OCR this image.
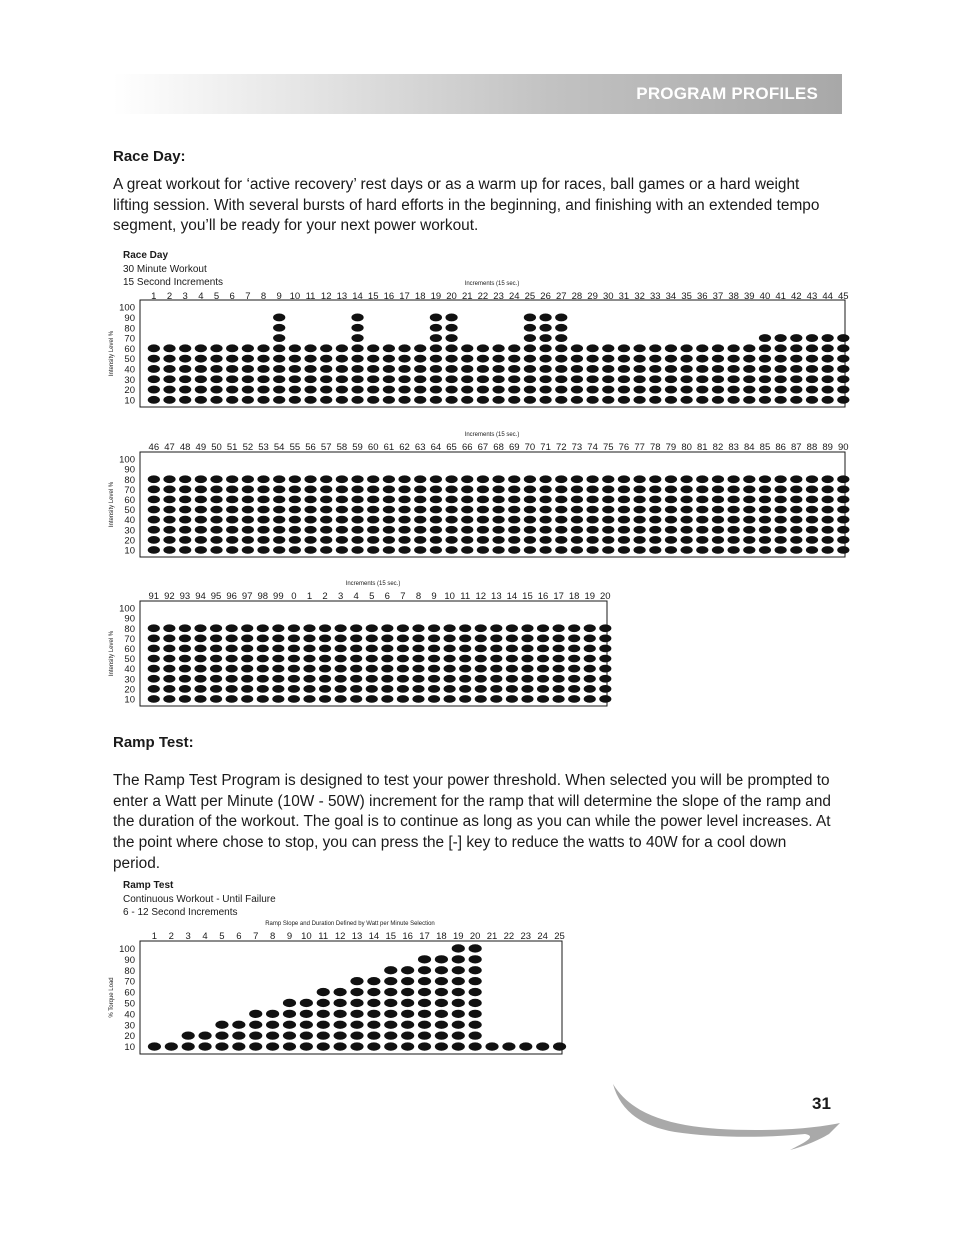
PROGRAM PROFILES
Race Day:

A great workout for ‘active recovery’ rest days or as a warm up for races, ball games or a hard weight lifting session. With several bursts of hard efforts in the beginning, and finishing with an extended tempo segment, you’ll be ready for your next power workout.

Race Day
30 Minute Workout
15 Second Increments
Ramp Test:

The Ramp Test Program is designed to test your power threshold. When selected you will be prompted to enter a Watt per Minute (10W - 50W) increment for the ramp that will determine the slope of the ramp and the duration of the workout. The goal is to continue as long as you can while the power level increases. At the point where chose to stop, you can press the [-] key to reduce the watts to 40W for a cool down period.

Ramp Test
Continuous Workout - Until Failure
6 - 12 Second Increments
100
90
80
70
60
50
40
30
20
10
Intensity Level %
Increments (15 sec.)
1 2 3 4 5 6 7 8 9 10 11 12 13 14 15 16 17 18 19 20 21 22 23 24 25 26 27 28 29 30 31 32 33 34 35 36 37 38 39 40 41 42 43 44 45
100
90
80
70
60
50
40
30
20
10
Intensity Level %
Increments (15 sec.)
46 47 48 49 50 51 52 53 54 55 56 57 58 59 60 61 62 63 64 65 66 67 68 69 70 71 72 73 74 75 76 77 78 79 80 81 82 83 84 85 86 87 88 89 90
100
90
80
70
60
50
40
30
20
10
Intensity Level %
Increments (15 sec.)
91 92 93 94 95 96 97 98 99 0 1 2 3 4 5 6 7 8 9 10 11 12 13 14 15 16 17 18 19 20
100
90
80
70
60
50
40
30
20
10
% Torque Load
Ramp Slope and Duration Defined by Watt per Minute Selection
1 2 3 4 5 6 7 8 9 10 11 12 13 14 15 16 17 18 19 20 21 22 23 24 25
31
